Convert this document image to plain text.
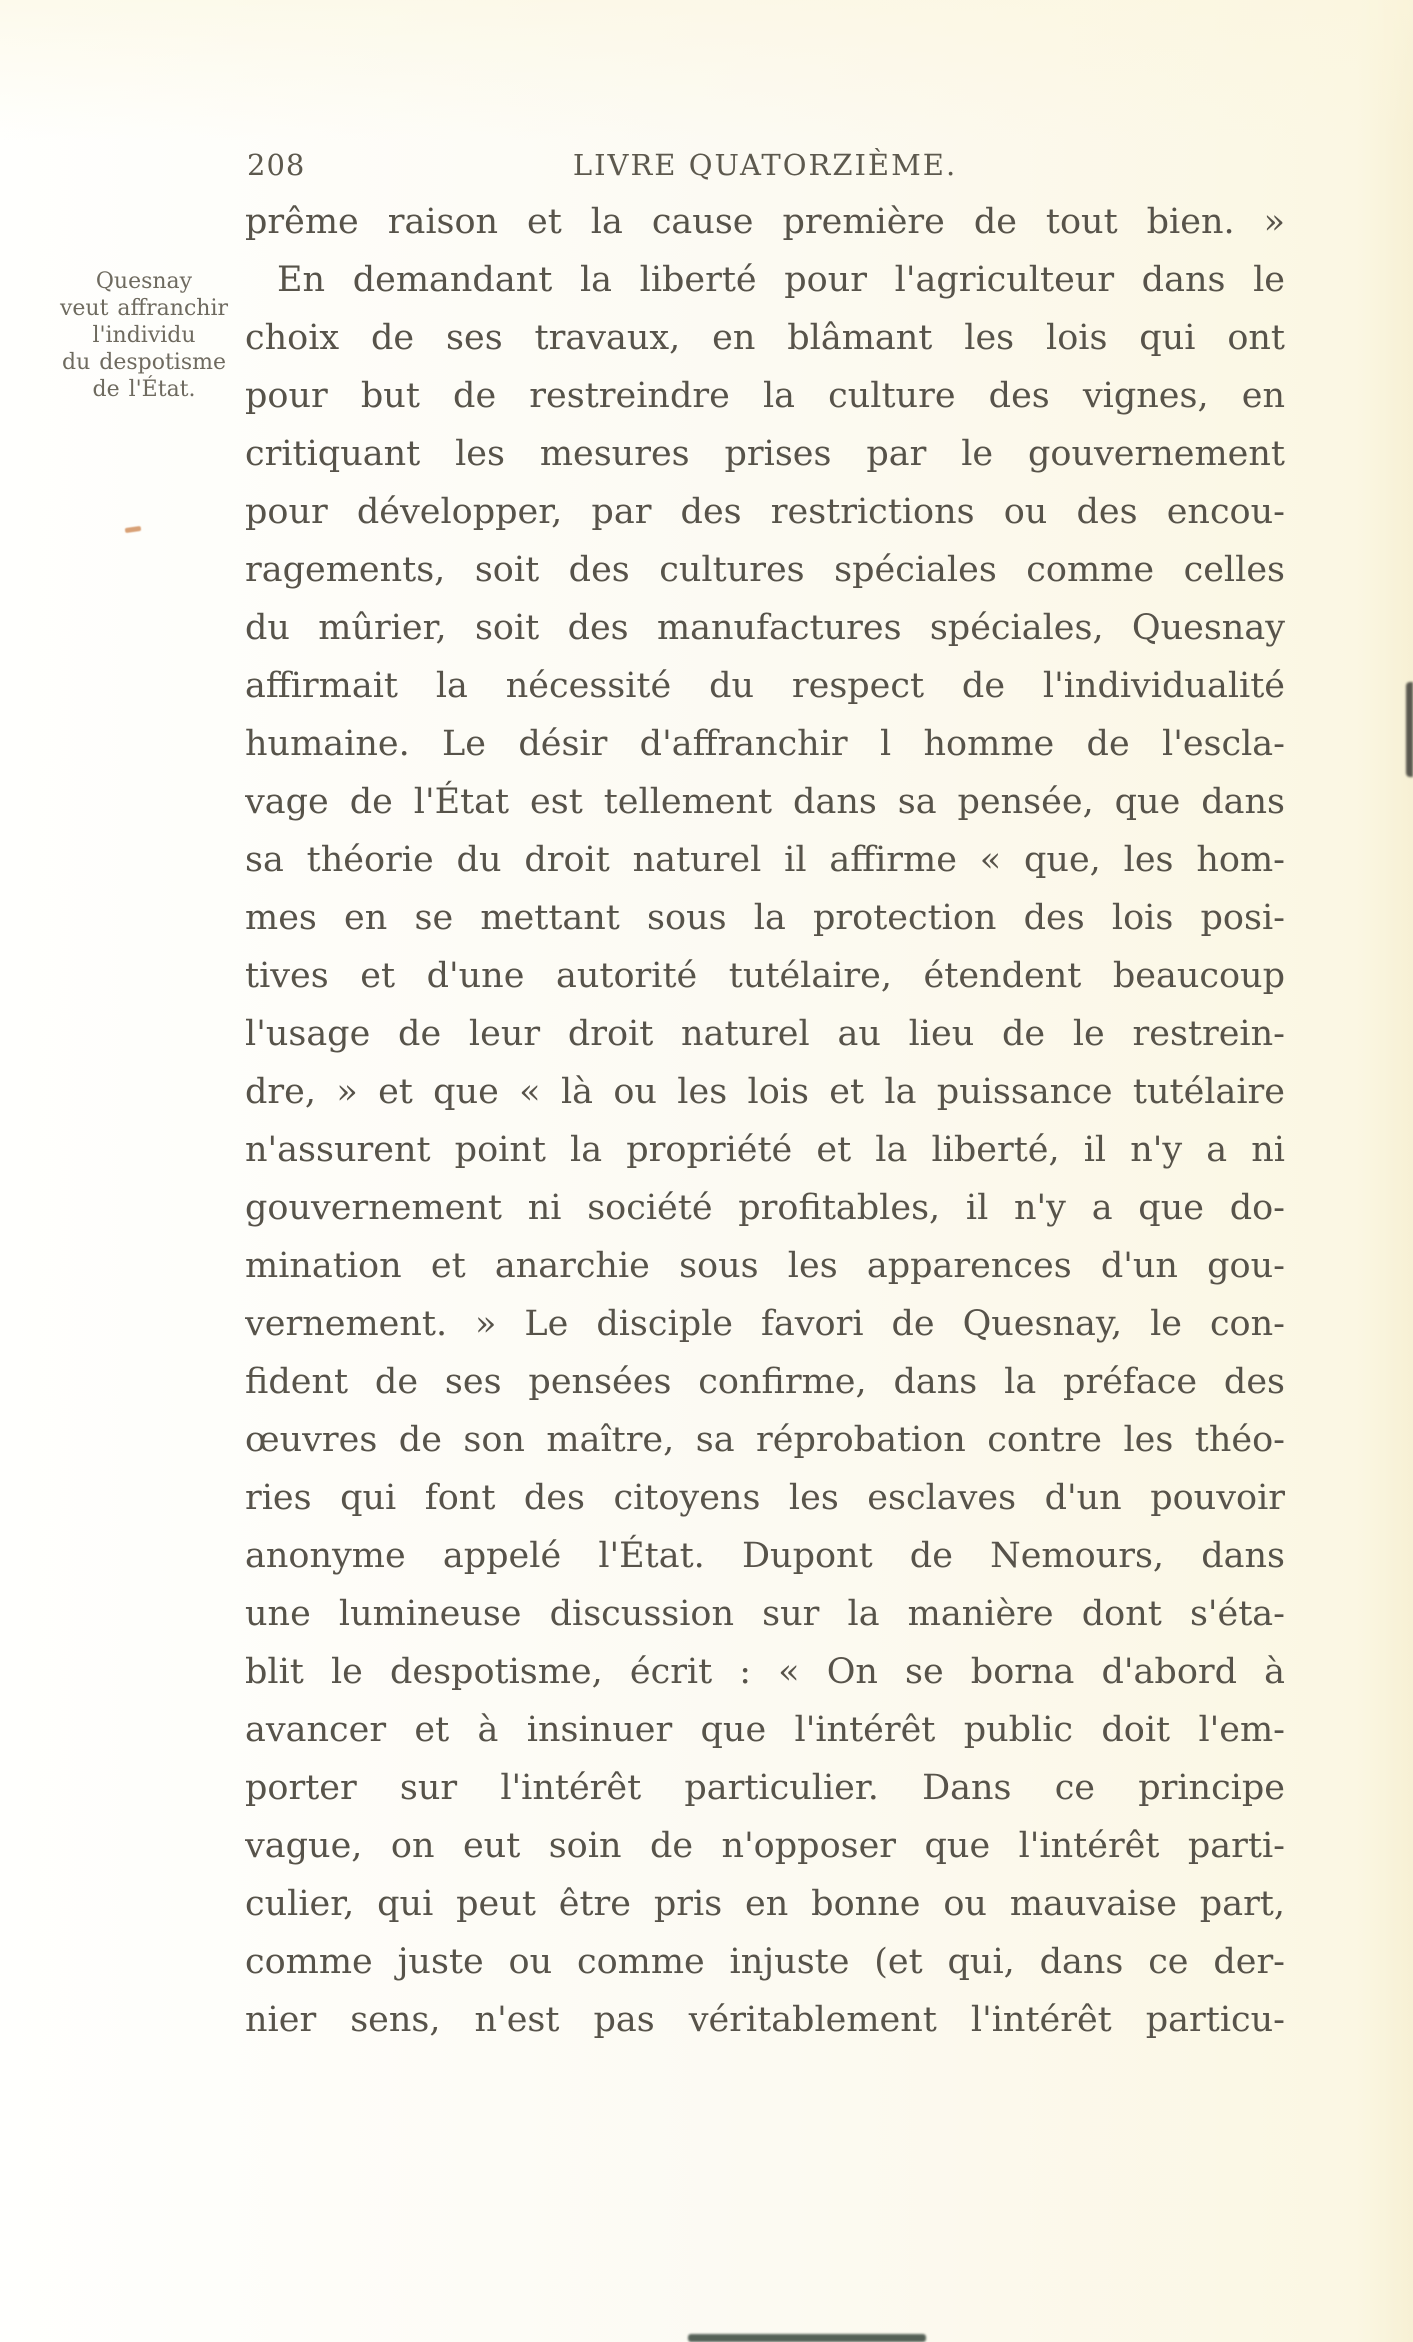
208	LIVRE QUATORZIÈME.
Quesnay
veut affranchir
l'individu
du despotisme
de l'État.
prême raison et la cause première de tout bien. »
En demandant la liberté pour l'agriculteur dans le
choix de ses travaux, en blâmant les lois qui ont
pour but de restreindre la culture des vignes, en
critiquant les mesures prises par le gouvernement
pour développer, par des restrictions ou des encou-
ragements, soit des cultures spéciales comme celles
du mûrier, soit des manufactures spéciales, Quesnay
affirmait la nécessité du respect de l'individualité
humaine. Le désir d'affranchir l homme de l'escla-
vage de l'État est tellement dans sa pensée, que dans
sa théorie du droit naturel il affirme « que, les hom-
mes en se mettant sous la protection des lois posi-
tives et d'une autorité tutélaire, étendent beaucoup
l'usage de leur droit naturel au lieu de le restrein-
dre, » et que « là ou les lois et la puissance tutélaire
n'assurent point la propriété et la liberté, il n'y a ni
gouvernement ni société profitables, il n'y a que do-
mination et anarchie sous les apparences d'un gou-
vernement. » Le disciple favori de Quesnay, le con-
fident de ses pensées confirme, dans la préface des
œuvres de son maître, sa réprobation contre les théo-
ries qui font des citoyens les esclaves d'un pouvoir
anonyme appelé l'État. Dupont de Nemours, dans
une lumineuse discussion sur la manière dont s'éta-
blit le despotisme, écrit : « On se borna d'abord à
avancer et à insinuer que l'intérêt public doit l'em-
porter sur l'intérêt particulier. Dans ce principe
vague, on eut soin de n'opposer que l'intérêt parti-
culier, qui peut être pris en bonne ou mauvaise part,
comme juste ou comme injuste (et qui, dans ce der-
nier sens, n'est pas véritablement l'intérêt particu-
